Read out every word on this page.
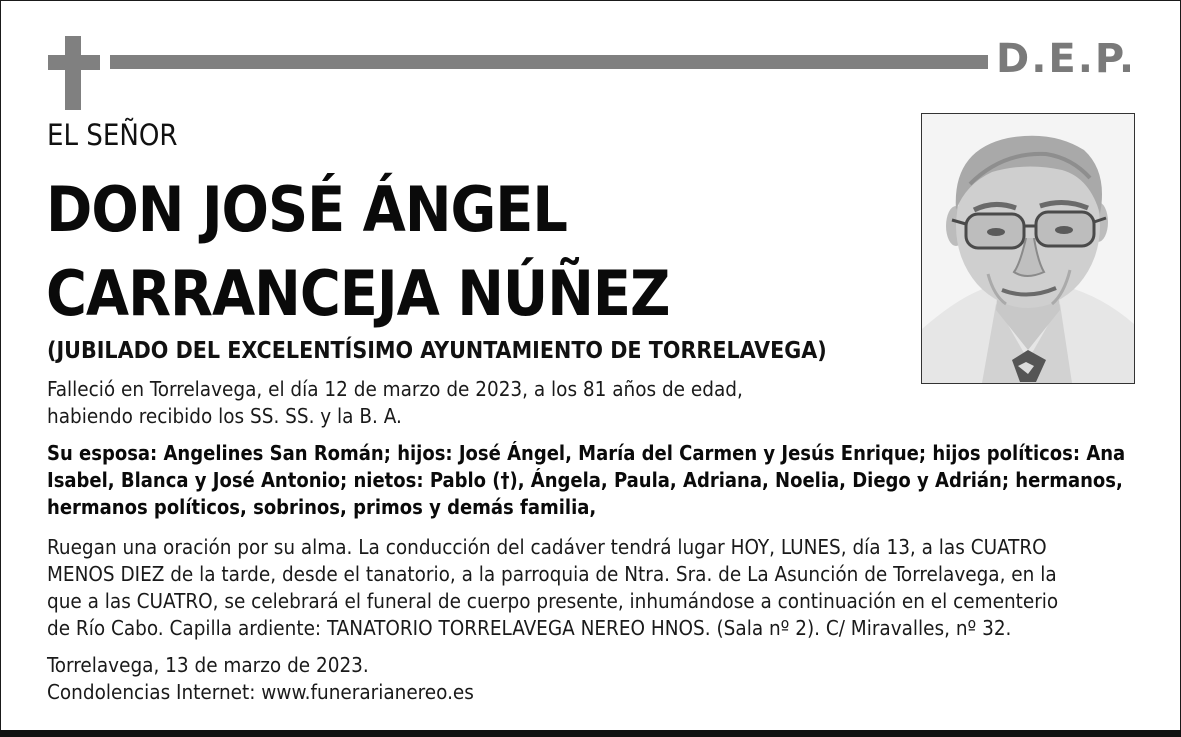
D.E.P.
EL SEÑOR
DON JOSÉ ÁNGEL
CARRANCEJA NÚÑEZ
(JUBILADO DEL EXCELENTÍSIMO AYUNTAMIENTO DE TORRELAVEGA)
Falleció en Torrelavega, el día 12 de marzo de 2023, a los 81 años de edad,
habiendo recibido los SS. SS. y la B. A.
Su esposa: Angelines San Román; hijos: José Ángel, María del Carmen y Jesús Enrique; hijos políticos: Ana
Isabel, Blanca y José Antonio; nietos: Pablo (†), Ángela, Paula, Adriana, Noelia, Diego y Adrián; hermanos,
hermanos políticos, sobrinos, primos y demás familia,
Ruegan una oración por su alma. La conducción del cadáver tendrá lugar HOY, LUNES, día 13, a las CUATRO
MENOS DIEZ de la tarde, desde el tanatorio, a la parroquia de Ntra. Sra. de La Asunción de Torrelavega, en la
que a las CUATRO, se celebrará el funeral de cuerpo presente, inhumándose a continuación en el cementerio
de Río Cabo. Capilla ardiente: TANATORIO TORRELAVEGA NEREO HNOS. (Sala nº 2). C/ Miravalles, nº 32.
Torrelavega, 13 de marzo de 2023.
Condolencias Internet: www.funerarianereo.es
